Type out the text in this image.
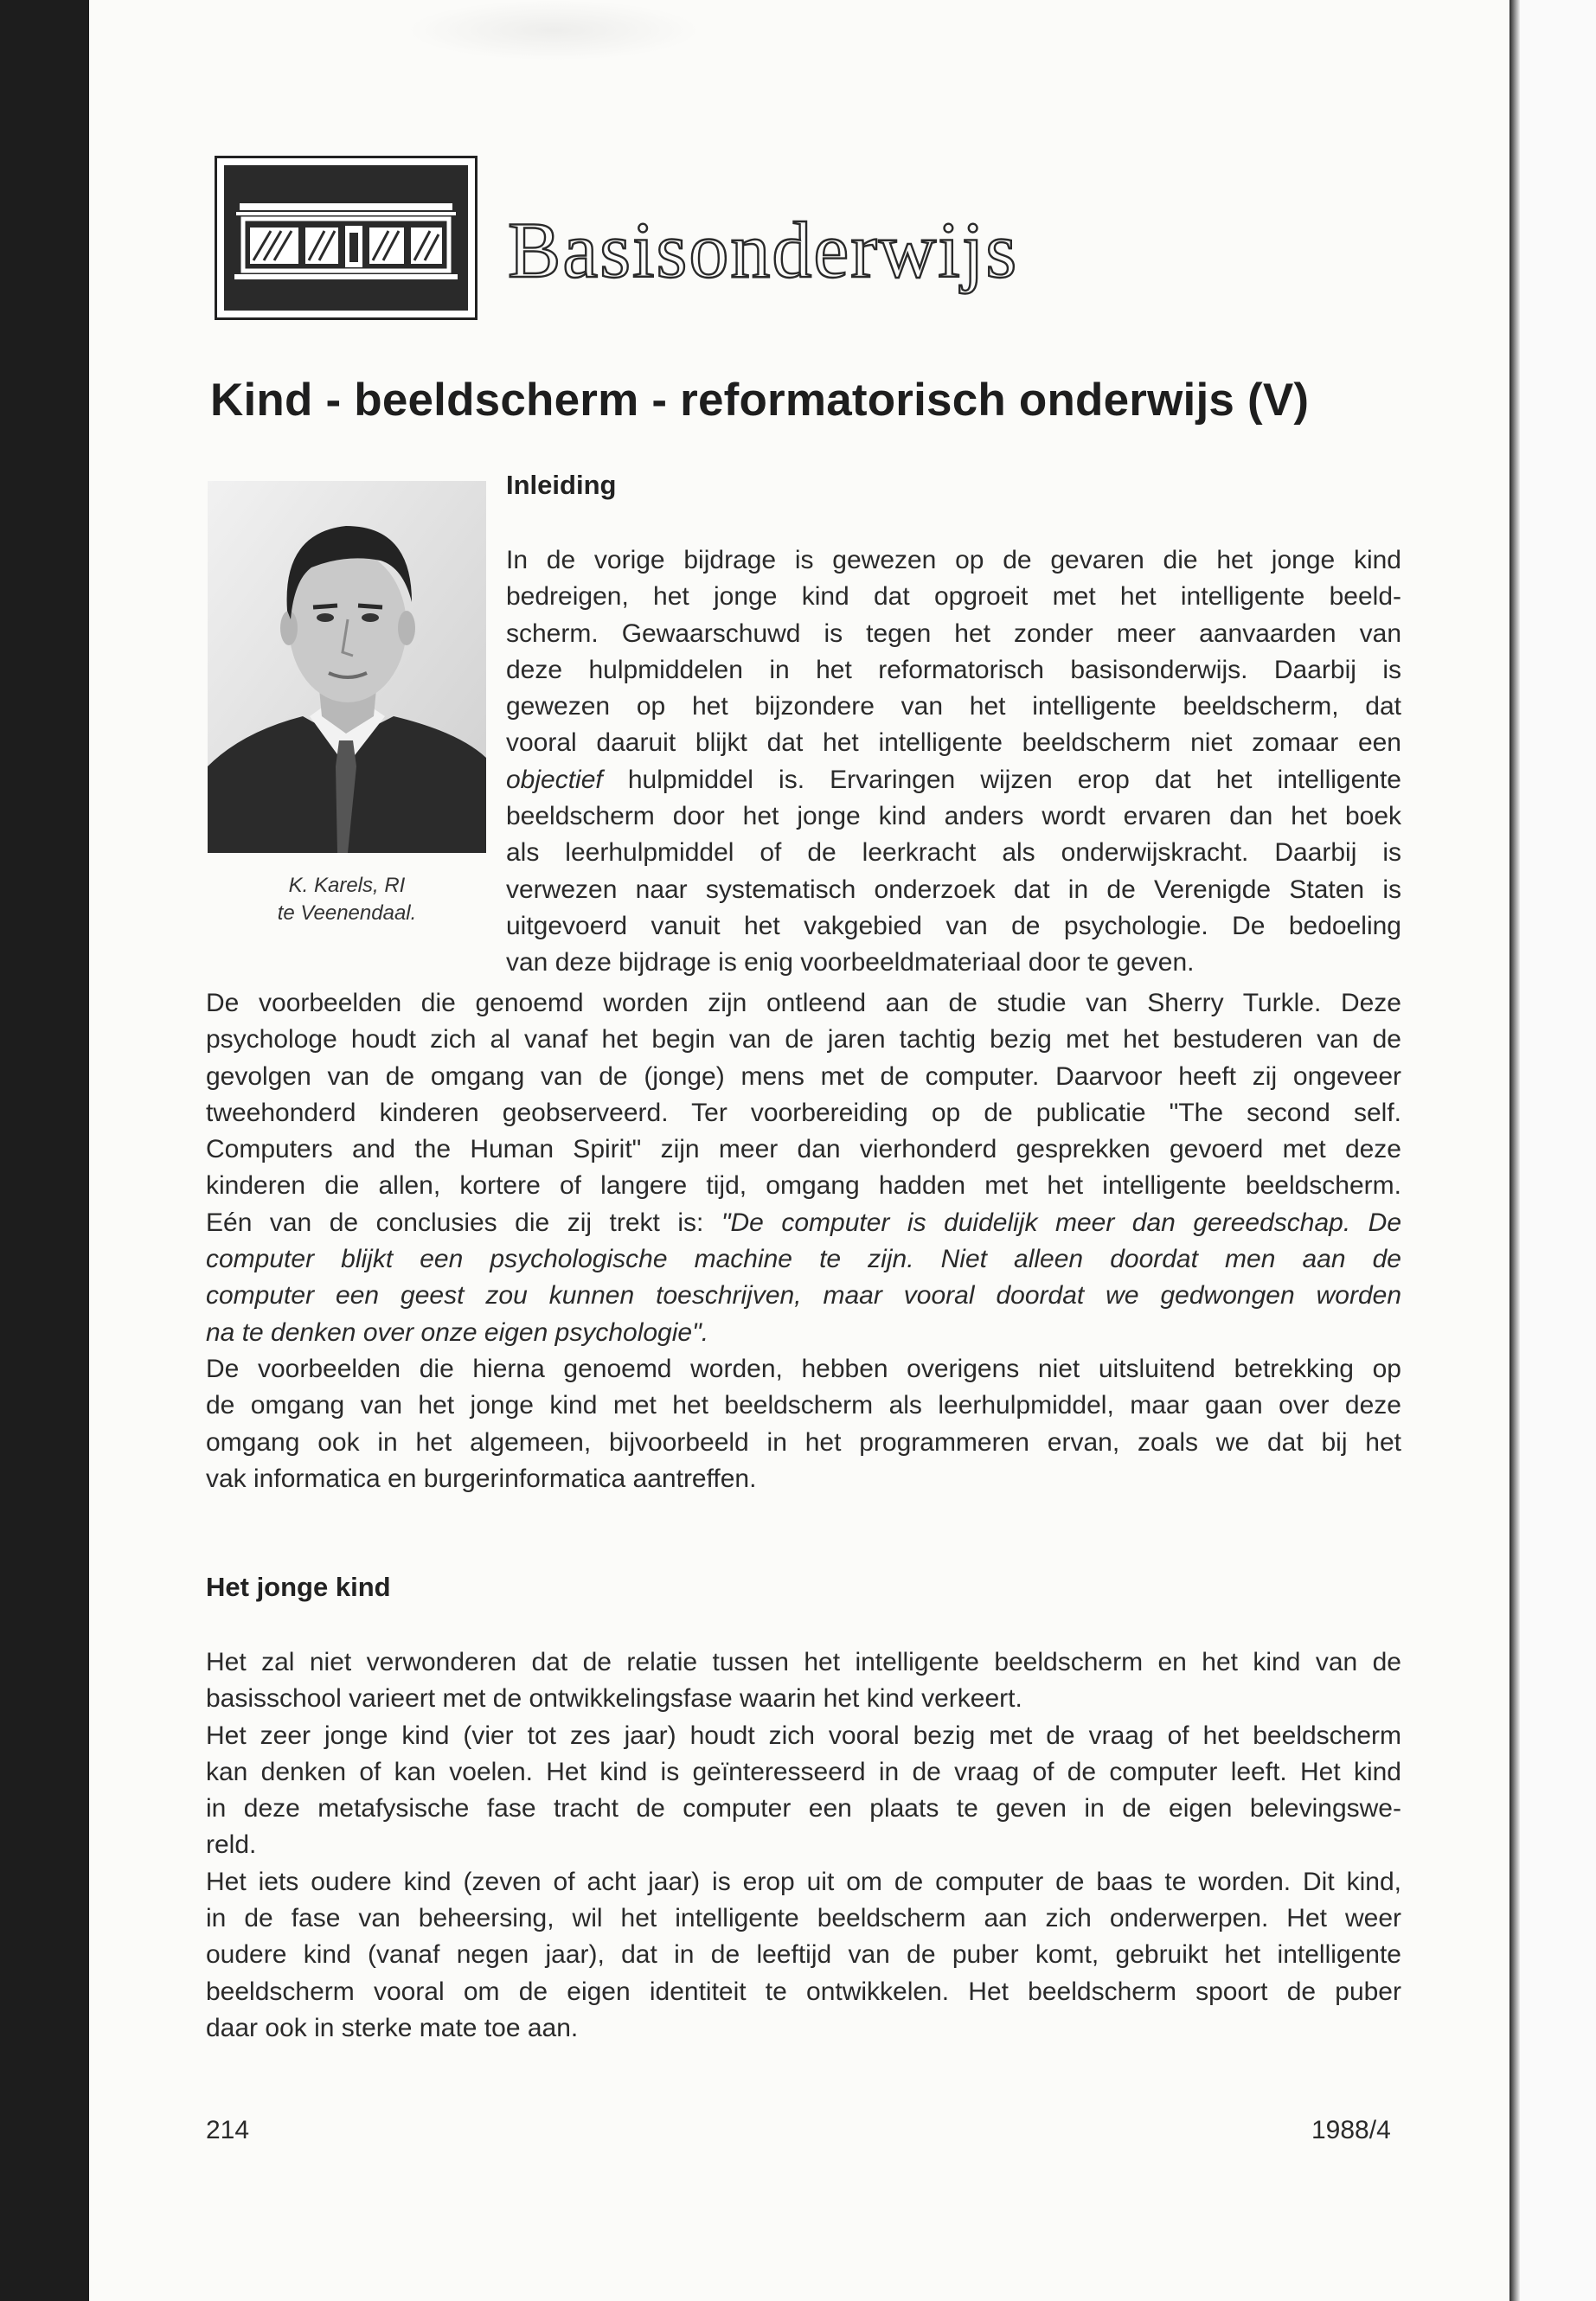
Basisonderwijs
Kind - beeldscherm - reformatorisch onderwijs (V)
K. Karels, RI
te Veenendaal.
Inleiding
In de vorige bijdrage is gewezen op de gevaren die het jonge kind
bedreigen, het jonge kind dat opgroeit met het intelligente beeld-
scherm. Gewaarschuwd is tegen het zonder meer aanvaarden van
deze hulpmiddelen in het reformatorisch basisonderwijs. Daarbij is
gewezen op het bijzondere van het intelligente beeldscherm, dat
vooral daaruit blijkt dat het intelligente beeldscherm niet zomaar een
objectief hulpmiddel is. Ervaringen wijzen erop dat het intelligente
beeldscherm door het jonge kind anders wordt ervaren dan het boek
als leerhulpmiddel of de leerkracht als onderwijskracht. Daarbij is
verwezen naar systematisch onderzoek dat in de Verenigde Staten is
uitgevoerd vanuit het vakgebied van de psychologie. De bedoeling
van deze bijdrage is enig voorbeeldmateriaal door te geven.
De voorbeelden die genoemd worden zijn ontleend aan de studie van Sherry Turkle. Deze
psychologe houdt zich al vanaf het begin van de jaren tachtig bezig met het bestuderen van de
gevolgen van de omgang van de (jonge) mens met de computer. Daarvoor heeft zij ongeveer
tweehonderd kinderen geobserveerd. Ter voorbereiding op de publicatie "The second self.
Computers and the Human Spirit" zijn meer dan vierhonderd gesprekken gevoerd met deze
kinderen die allen, kortere of langere tijd, omgang hadden met het intelligente beeldscherm.
Eén van de conclusies die zij trekt is: "De computer is duidelijk meer dan gereedschap. De
computer blijkt een psychologische machine te zijn. Niet alleen doordat men aan de
computer een geest zou kunnen toeschrijven, maar vooral doordat we gedwongen worden
na te denken over onze eigen psychologie".
De voorbeelden die hierna genoemd worden, hebben overigens niet uitsluitend betrekking op
de omgang van het jonge kind met het beeldscherm als leerhulpmiddel, maar gaan over deze
omgang ook in het algemeen, bijvoorbeeld in het programmeren ervan, zoals we dat bij het
vak informatica en burgerinformatica aantreffen.
Het jonge kind
Het zal niet verwonderen dat de relatie tussen het intelligente beeldscherm en het kind van de
basisschool varieert met de ontwikkelingsfase waarin het kind verkeert.
Het zeer jonge kind (vier tot zes jaar) houdt zich vooral bezig met de vraag of het beeldscherm
kan denken of kan voelen. Het kind is geïnteresseerd in de vraag of de computer leeft. Het kind
in deze metafysische fase tracht de computer een plaats te geven in de eigen belevingswe-
reld.
Het iets oudere kind (zeven of acht jaar) is erop uit om de computer de baas te worden. Dit kind,
in de fase van beheersing, wil het intelligente beeldscherm aan zich onderwerpen. Het weer
oudere kind (vanaf negen jaar), dat in de leeftijd van de puber komt, gebruikt het intelligente
beeldscherm vooral om de eigen identiteit te ontwikkelen. Het beeldscherm spoort de puber
daar ook in sterke mate toe aan.

214	1988/4
